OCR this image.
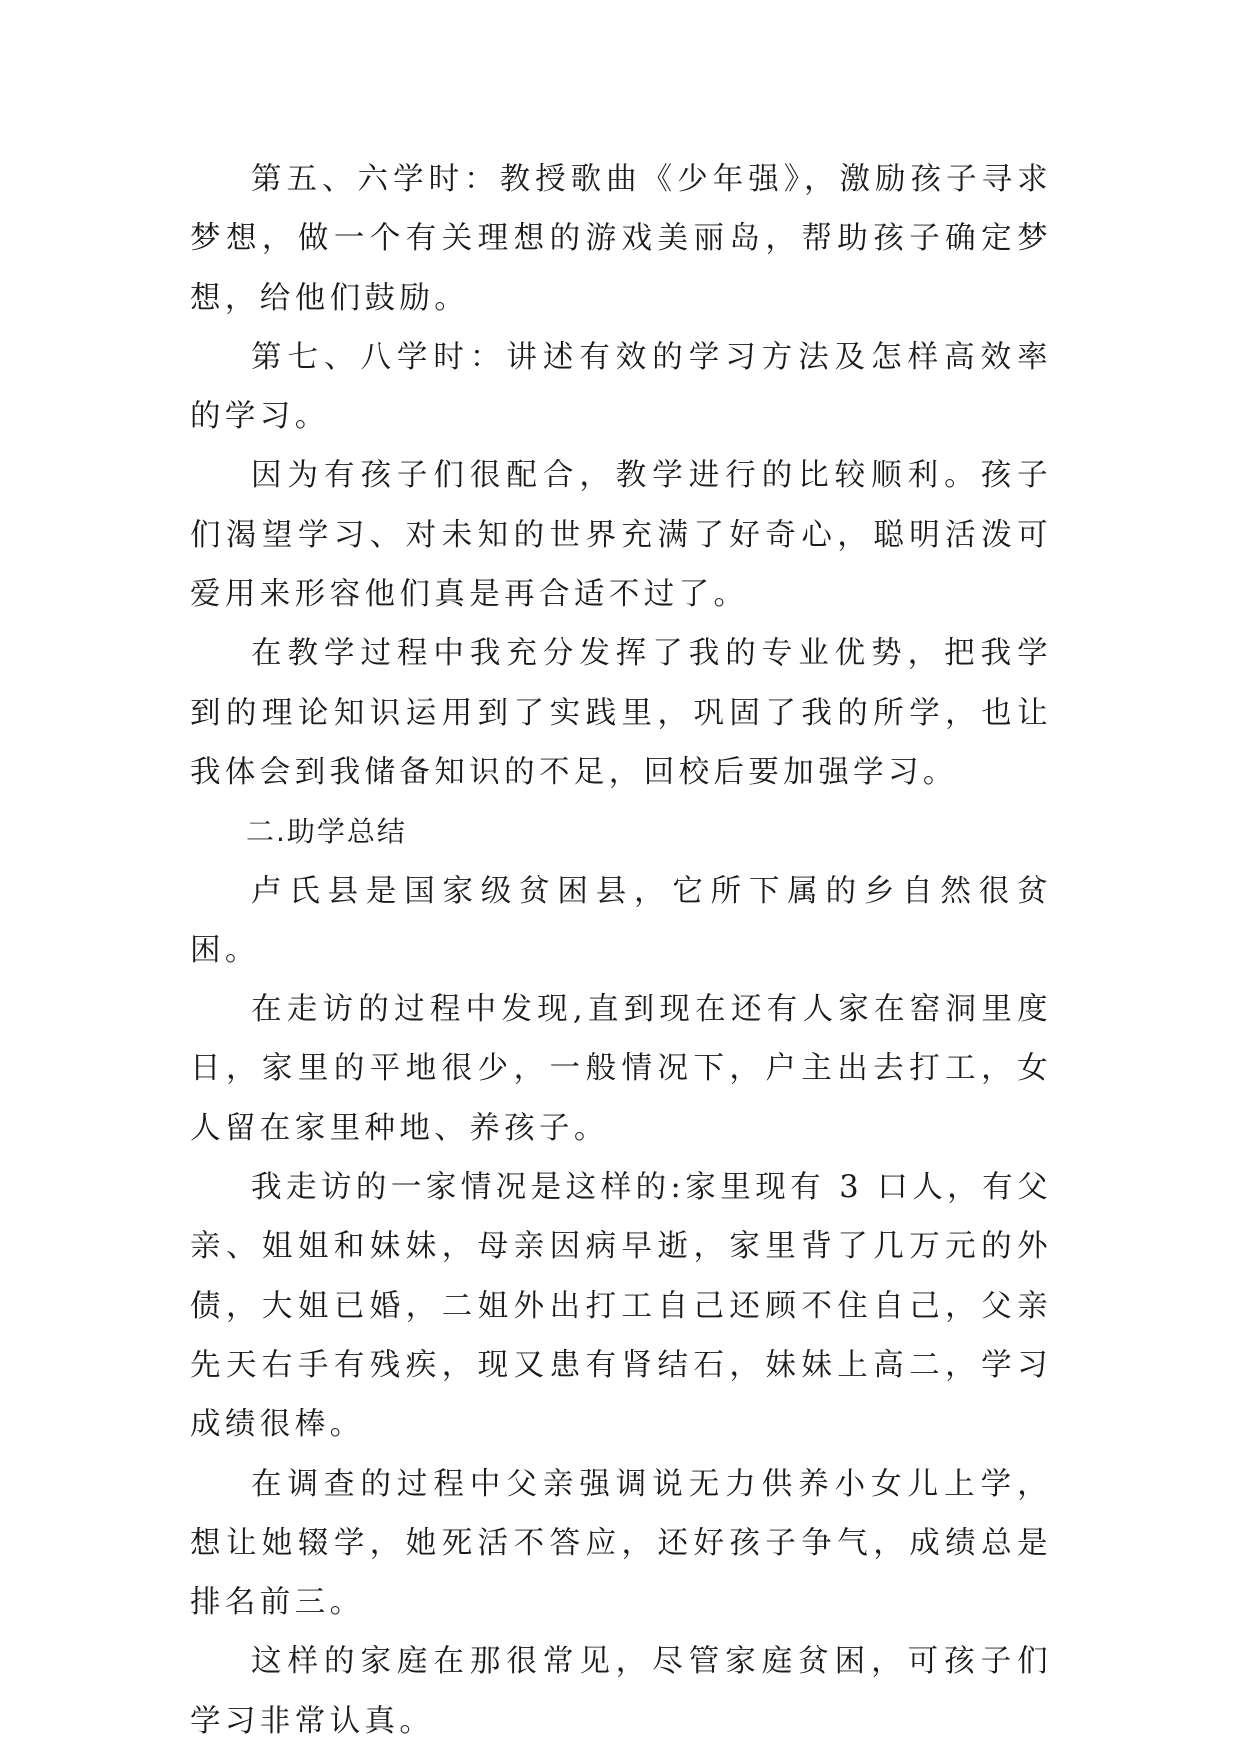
第五、六学时：教授歌曲《少年强》，激励孩子寻求梦想，做一个有关理想的游戏美丽岛，帮助孩子确定梦想，给他们鼓励。

第七、八学时：讲述有效的学习方法及怎样高效率的学习。

因为有孩子们很配合，教学进行的比较顺利。孩子们渴望学习、对未知的世界充满了好奇心，聪明活泼可爱用来形容他们真是再合适不过了。

在教学过程中我充分发挥了我的专业优势，把我学到的理论知识运用到了实践里，巩固了我的所学，也让我体会到我储备知识的不足，回校后要加强学习。

二.助学总结

卢氏县是国家级贫困县，它所下属的乡自然很贫困。

在走访的过程中发现,直到现在还有人家在窑洞里度日，家里的平地很少，一般情况下，户主出去打工，女人留在家里种地、养孩子。

我走访的一家情况是这样的:家里现有 3 口人，有父亲、姐姐和妹妹，母亲因病早逝，家里背了几万元的外债，大姐已婚，二姐外出打工自己还顾不住自己，父亲先天右手有残疾，现又患有肾结石，妹妹上高二，学习成绩很棒。

在调查的过程中父亲强调说无力供养小女儿上学，想让她辍学，她死活不答应，还好孩子争气，成绩总是排名前三。

这样的家庭在那很常见，尽管家庭贫困，可孩子们学习非常认真。
